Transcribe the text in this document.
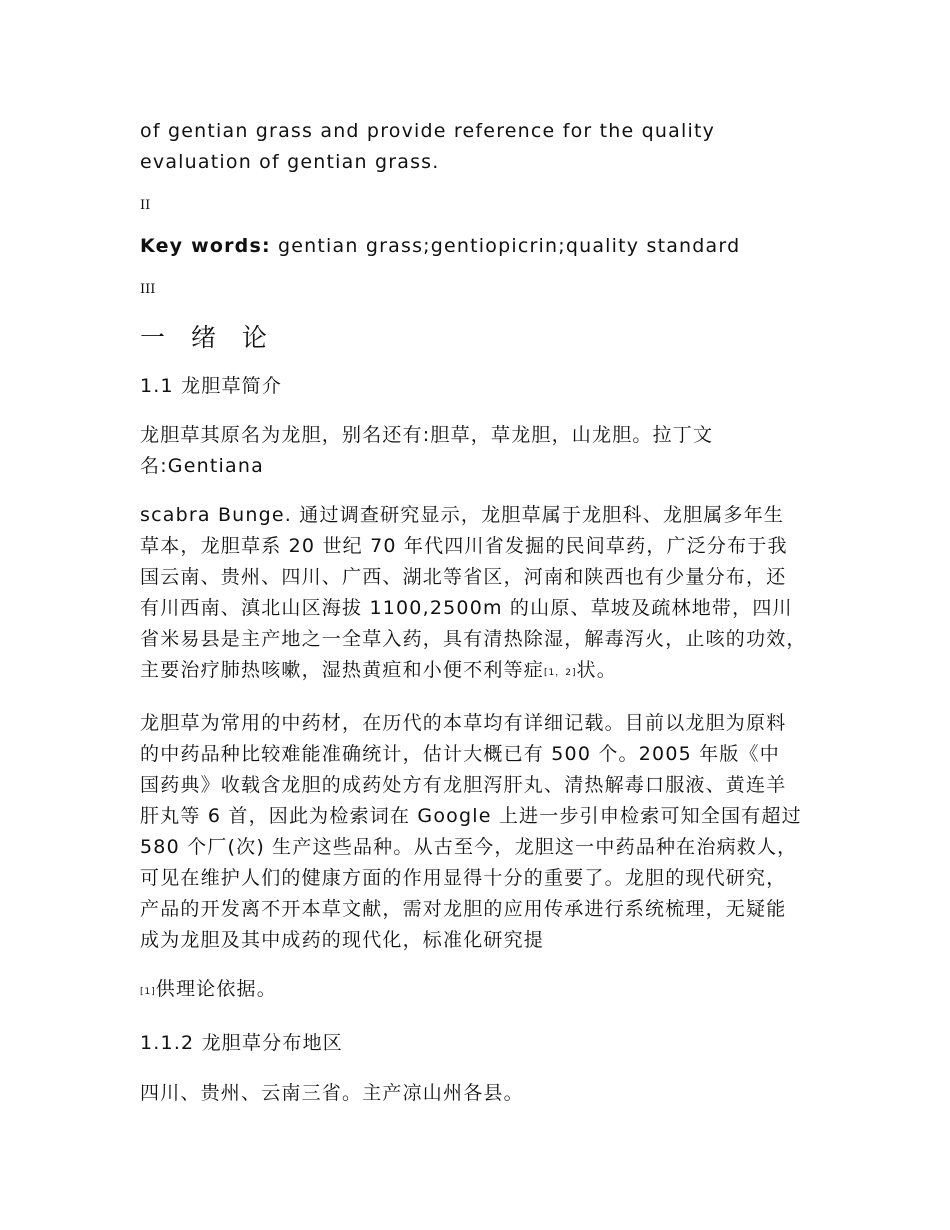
of gentian grass and provide reference for the quality

evaluation of gentian grass.

II

Key words: gentian grass;gentiopicrin;quality standard

III

一 绪 论

1.1 龙胆草简介

龙胆草其原名为龙胆，别名还有:胆草，草龙胆，山龙胆。拉丁文

名:Gentiana

scabra Bunge. 通过调查研究显示，龙胆草属于龙胆科、龙胆属多年生

草本，龙胆草系 20 世纪 70 年代四川省发掘的民间草药，广泛分布于我

国云南、贵州、四川、广西、湖北等省区，河南和陕西也有少量分布，还

有川西南、滇北山区海拔 1100,2500m 的山原、草坡及疏林地带，四川

省米易县是主产地之一全草入药，具有清热除湿，解毒泻火，止咳的功效，

主要治疗肺热咳嗽，湿热黄疸和小便不利等症[1，2]状。

龙胆草为常用的中药材，在历代的本草均有详细记载。目前以龙胆为原料

的中药品种比较难能准确统计，估计大概已有 500 个。2005 年版《中

国药典》收载含龙胆的成药处方有龙胆泻肝丸、清热解毒口服液、黄连羊

肝丸等 6 首，因此为检索词在 Google 上进一步引申检索可知全国有超过

580 个厂(次) 生产这些品种。从古至今，龙胆这一中药品种在治病救人，

可见在维护人们的健康方面的作用显得十分的重要了。龙胆的现代研究，

产品的开发离不开本草文献，需对龙胆的应用传承进行系统梳理，无疑能

成为龙胆及其中成药的现代化，标准化研究提

[1]供理论依据。

1.1.2 龙胆草分布地区

四川、贵州、云南三省。主产凉山州各县。
